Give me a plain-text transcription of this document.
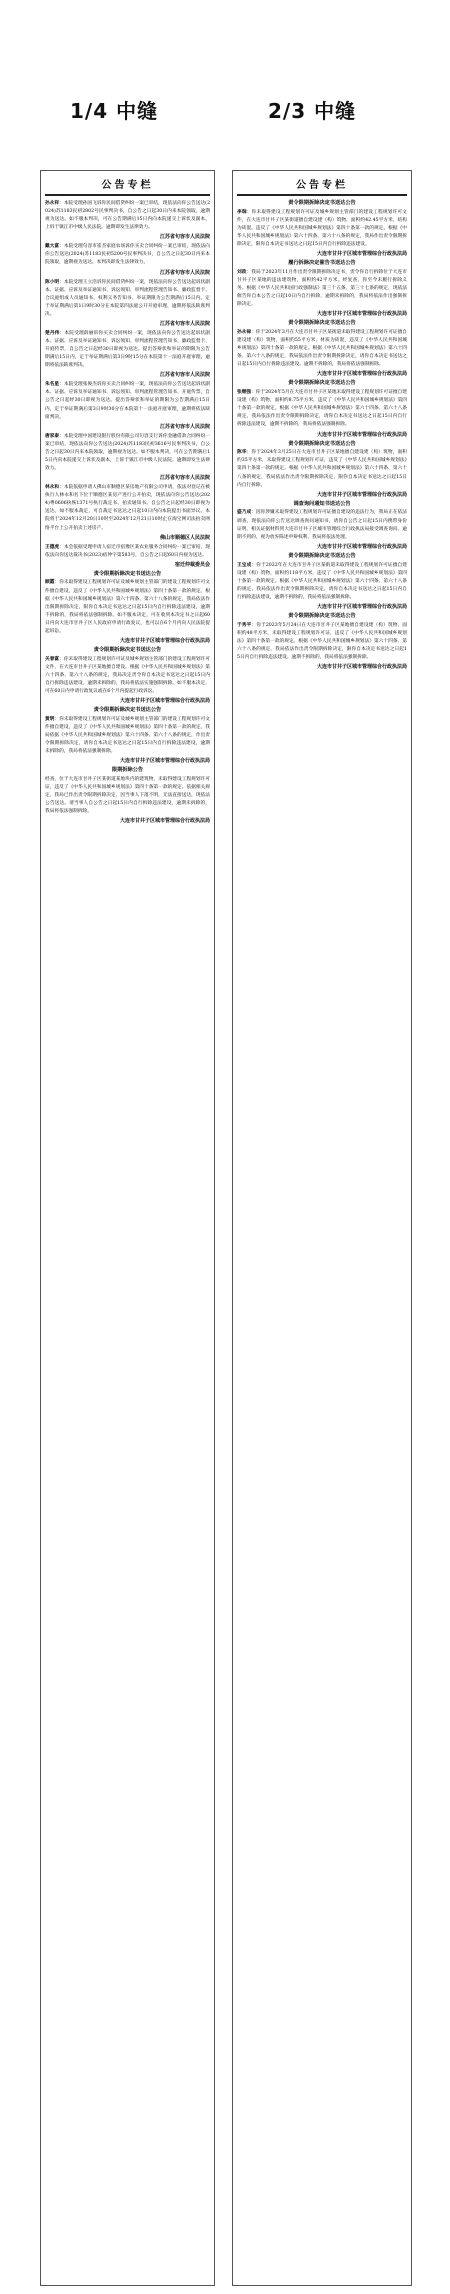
1/4 中缝	2/3 中缝
公告专栏

孙永祥：本院受理孙国飞诉你民间借贷纠纷一案已审结，现依法向你公告送达(2024)苏1183民初2802号民事判决书，自公告之日起30日内来本院领取，逾期视为送达。如不服本判决，可在公告期满后15日内向本院递交上诉状及副本，上诉于镇江市中级人民法院。逾期即发生法律效力。

江苏省句容市人民法院

戴大富：本院受理句容市崔杰家庭农场诉你买卖合同纠纷一案已审结，现依法向你公告送达(2024)苏1183民初5200号民事判决书，自公告之日起30日内来本院领取，逾期视为送达。本判决即发生法律效力。

江苏省句容市人民法院

陈小明：本院受理王立浩诉你民间借贷纠纷一案，现依法向你公告送达起诉状副本、证据、应诉及举证通知书、诉讼须知、审判流程管理告知书、廉政监督卡、合议庭组成人员通知书、权利义务告知书、举证期限为公告期满后15日内。定于举证期满后第1日9时30分在本院第四法庭公开开庭审理，逾期将依法缺席判决。

江苏省句容市人民法院

楚丹伟：本院受理薛丽诉你买卖合同纠纷一案，现依法向你公告送达起诉状副本、证据、应诉及举证通知书、诉讼须知、审判流程管理告知书、廉政监督卡、开庭传票，自公告之日起经30日即视为送达。提出答辩状和举证的期限为公告期满后15日内，定于举证期满后第3日9时15分在本院第十一法庭开庭审理，逾期将依法缺席判决。

江苏省句容市人民法院

朱名星：本院受理张俊杰诉你买卖合同纠纷一案，现依法向你公告送达起诉状副本、证据、应诉及举证通知书、诉讼须知、审判流程管理告知书、开庭传票，自公告之日起经30日即视为送达。提出答辩状和举证的期限为公告期满后15日内，定于举证期满后第3日9时30分在本院第十一法庭开庭审理，逾期将依法缺席判决。

江苏省句容市人民法院

唐家泰：本院受理中国建设银行股份有限公司句容支行诉你金融借款合同纠纷一案已审结，现依法向你公告送达(2024)苏1183民初3616号民事判决书，自公告之日起30日内来本院领取，逾期视为送达。如不服本判决，可在公告期满后15日内向本院递交上诉状及副本，上诉于镇江市中级人民法院。逾期即发生法律效力。

江苏省句容市人民法院

林永和：本院依据申请人佛山市顺德区某房地产有限公司申请，依法对登记在被执行人林永和名下位于顺德区某房产进行公开拍卖，现依法向你公告送达(2024)粤0606执恢1371号执行裁定书、拍卖通知书。自公告之日起经30日即视为送达。如不服本裁定，可自裁定书送达之日起10日内向本院提出书面异议。本院将于2024年12月20日10时至2024年12月21日10时止在淘宝网司法拍卖网络平台上公开拍卖上述房产。

佛山市顺德区人民法院

王德虎：本会依据受理申请人宿迁市宿豫区某农业服务合同纠纷一案已审结，现依法向你送达裁决书(2023)宿仲字第583号，自公告之日起60日内视为送达。

宿迁仲裁委员会
责令限期拆除决定书送达公告

顾霞：你未取得建设工程规划许可证及城乡规划主管部门的建设工程规划许可文件擅自建设，违反了《中华人民共和国城乡规划法》第四十条第一款的规定。根据《中华人民共和国城乡规划法》第六十四条、第六十八条的规定，我局依法作出限期拆除决定，限你自本决定书送达之日起15日内自行拆除违法建设，逾期不拆除的，我局将依法强制拆除。如不服本决定，可在收到本决定书之日起60日内向大连市甘井子区人民政府申请行政复议，也可以在6个月内向人民法院提起诉讼。

大连市甘井子区城市管理综合行政执法局
责令限期拆除决定书送达公告

关春富：你未取得建设工程规划许可证及城乡规划主管部门的建设工程规划许可文件，在大连市甘井子区某地擅自建设。根据《中华人民共和国城乡规划法》第六十四条、第六十八条的规定，我局决定责令你自本决定书送达之日起15日内自行拆除违法建设。逾期未拆除的，我局将依法实施强制拆除。如不服本决定，可在60日内申请行政复议或在6个月内提起行政诉讼。

大连市甘井子区城市管理综合行政执法局
责令限期拆除决定书送达公告

黄明：你未取得建设工程规划许可证及城乡规划主管部门的建设工程规划许可文件擅自建设，违反了《中华人民共和国城乡规划法》第四十条第一款的规定。我局依据《中华人民共和国城乡规划法》第六十四条、第六十八条的规定，作出责令限期拆除决定，请你自本决定书送达之日起15日内自行拆除违法建设，逾期未拆除的，我局将依法强制拆除。

大连市甘井子区城市管理综合行政执法局
限期拆除公告

经查，位于大连市甘井子区某街道某地块内的建筑物，未取得建设工程规划许可证，违反了《中华人民共和国城乡规划法》第四十条第一款的规定。依据相关规定，我局已作出责令限期拆除决定，因当事人下落不明，无法直接送达，现依法公告送达。请当事人自公告之日起15日内自行拆除违法建设，逾期未拆除的，我局将依法强制拆除。

大连市甘井子区城市管理综合行政执法局
公告专栏
责令限期拆除决定书送达公告

李瑞：你未取得建设工程规划许可证及城乡规划主管部门的建设工程规划许可文件，在大连市甘井子区某街道擅自建设建（构）筑物，面积约42.45平方米，结构为砖混。违反了《中华人民共和国城乡规划法》第四十条第一款的规定。根据《中华人民共和国城乡规划法》第六十四条、第六十八条的规定，我局作出责令限期拆除决定，限你自本决定书送达之日起15日内自行拆除违法建设。

大连市甘井子区城市管理综合行政执法局
履行拆除决定催告书送达公告

刘政：我局于2023年11月作出责令限期拆除决定书，责令你自行拆除位于大连市甘井子区某地的违法建筑物，面积约42平方米。经复查，你至今未履行拆除义务。根据《中华人民共和国行政强制法》第三十五条、第三十七条的规定，现依法催告你自本公告之日起10日内自行拆除，逾期未拆除的，我局将依法作出强制拆除决定。

大连市甘井子区城市管理综合行政执法局
责令限期拆除决定书送达公告

孙永禄：你于2024年3月在大连市甘井子区某街道未取得建设工程规划许可证擅自建设建（构）筑物，面积约55平方米，材质为砖混，违反了《中华人民共和国城乡规划法》第四十条第一款的规定。根据《中华人民共和国城乡规划法》第六十四条、第六十八条的规定，我局依法作出责令限期拆除决定，请你自本决定书送达之日起15日内自行拆除违法建设。逾期不拆除的，我局将依法强制拆除。

大连市甘井子区城市管理综合行政执法局
责令限期拆除决定书送达公告

张继强：你于2024年5月在大连市甘井子区某地未取得建设工程规划许可证擅自建设建（构）筑物，面积约8.75平方米，违反了《中华人民共和国城乡规划法》第四十条第一款的规定。根据《中华人民共和国城乡规划法》第六十四条、第六十八条规定，我局依法作出责令限期拆除决定，请你自本决定书送达之日起15日内自行拆除违法建设，逾期不拆除的，我局将依法强制拆除。

大连市甘井子区城市管理综合行政执法局
责令限期拆除决定书送达公告

陈华：你于2024年3月25日在大连市甘井子区某地擅自建设建（构）筑物，面积约35平方米，未取得建设工程规划许可证，违反了《中华人民共和国城乡规划法》第四十条第一款的规定。根据《中华人民共和国城乡规划法》第六十四条、第六十八条的规定，我局依法作出责令限期拆除决定，限你自本决定书送达之日起15日内自行拆除。

大连市甘井子区城市管理综合行政执法局
调查询问通知书送达公告

盛乃成：因你涉嫌未取得建设工程规划许可证擅自建设的违法行为，我局正在依法调查，现依法向你公告送达调查询问通知书，请你自公告之日起15日内携带身份证明、相关证据材料到大连市甘井子区城市管理综合行政执法局接受调查询问。逾期不到的，视为放弃陈述申辩权利，我局将依法处理。

大连市甘井子区城市管理综合行政执法局
责令限期拆除决定书送达公告

王宝成：你于2022年在大连市甘井子区某街道未取得建设工程规划许可证擅自建设建（构）筑物，面积约118平方米，违反了《中华人民共和国城乡规划法》第四十条第一款的规定。根据《中华人民共和国城乡规划法》第六十四条、第六十八条的规定，我局依法作出责令限期拆除决定，请你自本决定书送达之日起15日内自行拆除违法建设，逾期不拆除的，我局将依法强制拆除。

大连市甘井子区城市管理综合行政执法局
责令限期拆除决定书送达公告

于秀平：你于2023年5月24日在大连市甘井子区某地擅自建设建（构）筑物，面积约48平方米，未取得建设工程规划许可证，违反了《中华人民共和国城乡规划法》第四十条第一款的规定。根据《中华人民共和国城乡规划法》第六十四条、第六十八条的规定，我局依法作出责令限期拆除决定，限你自本决定书送达之日起15日内自行拆除违法建设。逾期不拆除的，我局将依法强制拆除。

大连市甘井子区城市管理综合行政执法局
